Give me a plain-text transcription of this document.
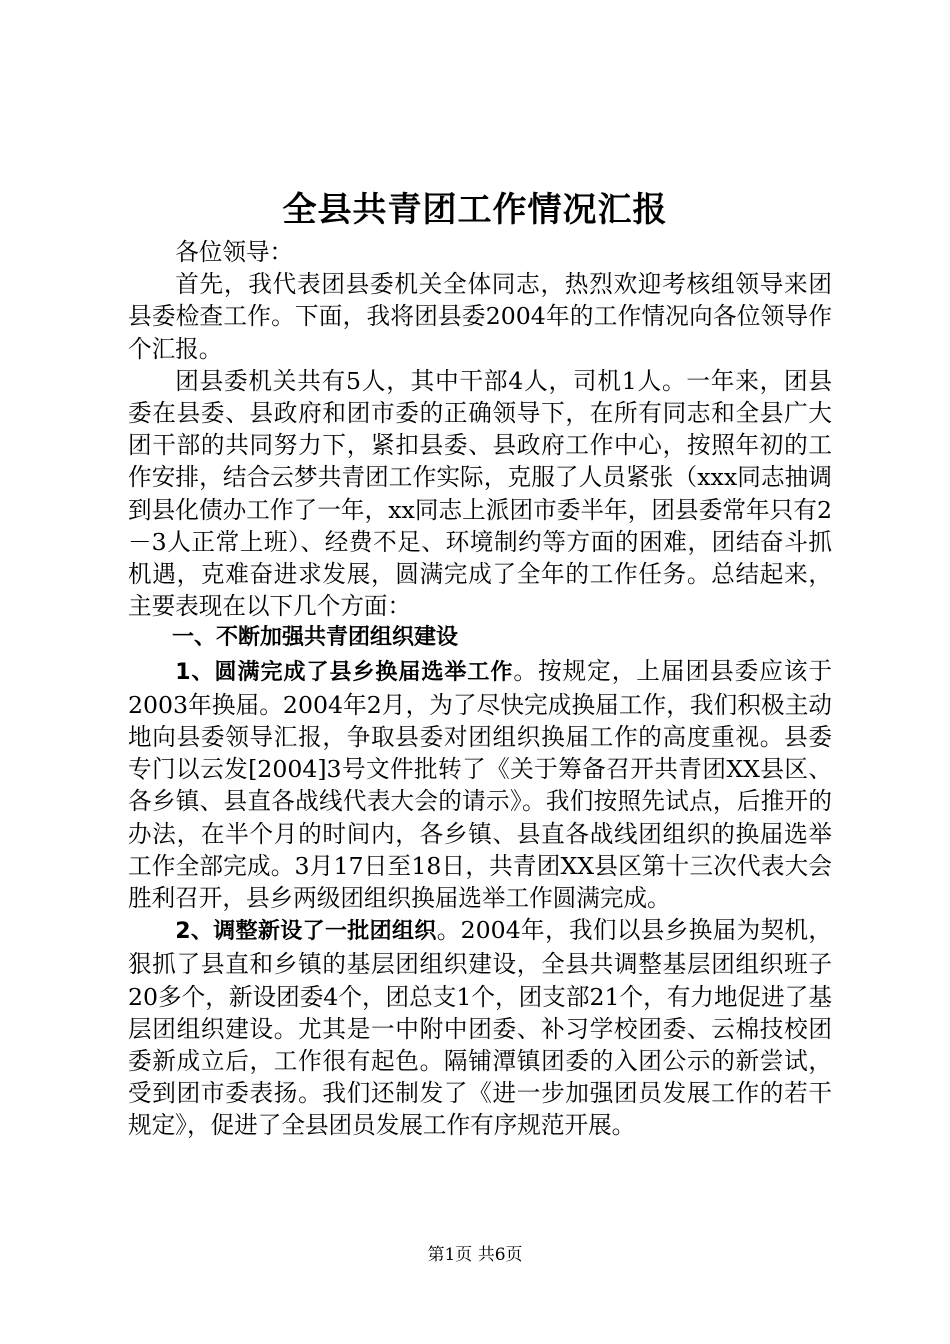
全县共青团工作情况汇报

各位领导：

首先，我代表团县委机关全体同志，热烈欢迎考核组领导来团县委检查工作。下面，我将团县委2004年的工作情况向各位领导作个汇报。

团县委机关共有5人，其中干部4人，司机1人。一年来，团县委在县委、县政府和团市委的正确领导下，在所有同志和全县广大团干部的共同努力下，紧扣县委、县政府工作中心，按照年初的工作安排，结合云梦共青团工作实际，克服了人员紧张（xxx同志抽调到县化债办工作了一年，xx同志上派团市委半年，团县委常年只有2－3人正常上班）、经费不足、环境制约等方面的困难，团结奋斗抓机遇，克难奋进求发展，圆满完成了全年的工作任务。总结起来，主要表现在以下几个方面：

一、不断加强共青团组织建设

1、圆满完成了县乡换届选举工作。按规定，上届团县委应该于2003年换届。2004年2月，为了尽快完成换届工作，我们积极主动地向县委领导汇报，争取县委对团组织换届工作的高度重视。县委专门以云发[2004]3号文件批转了《关于筹备召开共青团XX县区、各乡镇、县直各战线代表大会的请示》。我们按照先试点，后推开的办法，在半个月的时间内，各乡镇、县直各战线团组织的换届选举工作全部完成。3月17日至18日，共青团XX县区第十三次代表大会胜利召开，县乡两级团组织换届选举工作圆满完成。

2、调整新设了一批团组织。2004年，我们以县乡换届为契机，狠抓了县直和乡镇的基层团组织建设，全县共调整基层团组织班子20多个，新设团委4个，团总支1个，团支部21个，有力地促进了基层团组织建设。尤其是一中附中团委、补习学校团委、云棉技校团委新成立后，工作很有起色。隔铺潭镇团委的入团公示的新尝试，受到团市委表扬。我们还制发了《进一步加强团员发展工作的若干规定》，促进了全县团员发展工作有序规范开展。

第1页 共6页
